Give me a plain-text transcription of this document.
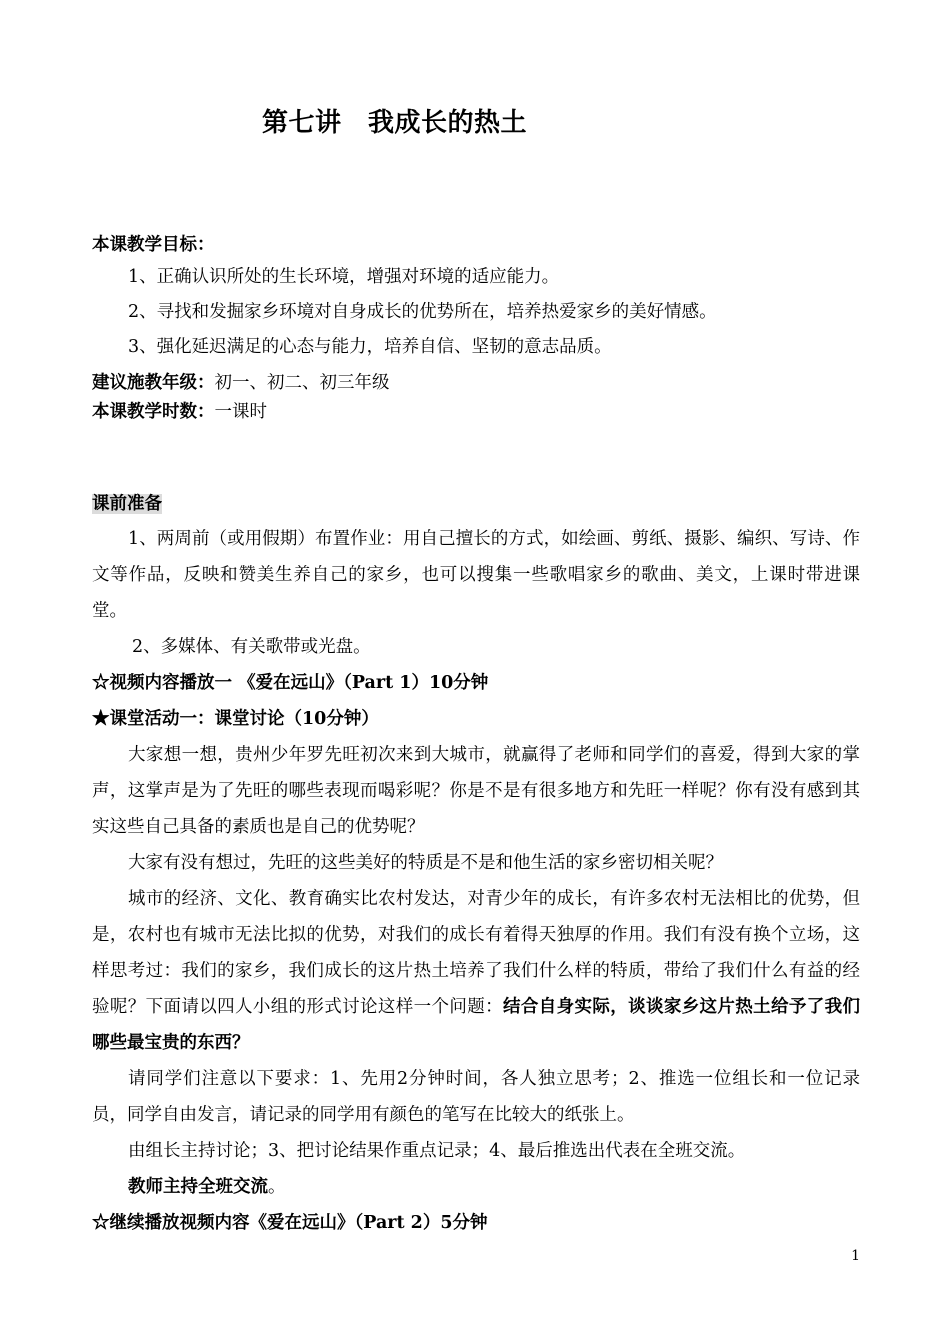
第七讲　我成长的热土
本课教学目标：
1、正确认识所处的生长环境，增强对环境的适应能力。
2、寻找和发掘家乡环境对自身成长的优势所在，培养热爱家乡的美好情感。
3、强化延迟满足的心态与能力，培养自信、坚韧的意志品质。
建议施教年级：初一、初二、初三年级
本课教学时数：一课时
课前准备

1、两周前（或用假期）布置作业：用自己擅长的方式，如绘画、剪纸、摄影、编织、写诗、作文等作品，反映和赞美生养自己的家乡，也可以搜集一些歌唱家乡的歌曲、美文，上课时带进课堂。

2、多媒体、有关歌带或光盘。

☆视频内容播放一 《爱在远山》（Part 1）10分钟
★课堂活动一：课堂讨论（10分钟）

大家想一想，贵州少年罗先旺初次来到大城市，就赢得了老师和同学们的喜爱，得到大家的掌声，这掌声是为了先旺的哪些表现而喝彩呢？你是不是有很多地方和先旺一样呢？你有没有感到其实这些自己具备的素质也是自己的优势呢？

大家有没有想过，先旺的这些美好的特质是不是和他生活的家乡密切相关呢？

城市的经济、文化、教育确实比农村发达，对青少年的成长，有许多农村无法相比的优势，但是，农村也有城市无法比拟的优势，对我们的成长有着得天独厚的作用。我们有没有换个立场，这样思考过：我们的家乡，我们成长的这片热土培养了我们什么样的特质，带给了我们什么有益的经验呢？下面请以四人小组的形式讨论这样一个问题：结合自身实际，谈谈家乡这片热土给予了我们哪些最宝贵的东西？

请同学们注意以下要求：1、先用2分钟时间，各人独立思考；2、推选一位组长和一位记录员，同学自由发言，请记录的同学用有颜色的笔写在比较大的纸张上。

由组长主持讨论；3、把讨论结果作重点记录；4、最后推选出代表在全班交流。

教师主持全班交流。

☆继续播放视频内容《爱在远山》（Part 2）5分钟
1
